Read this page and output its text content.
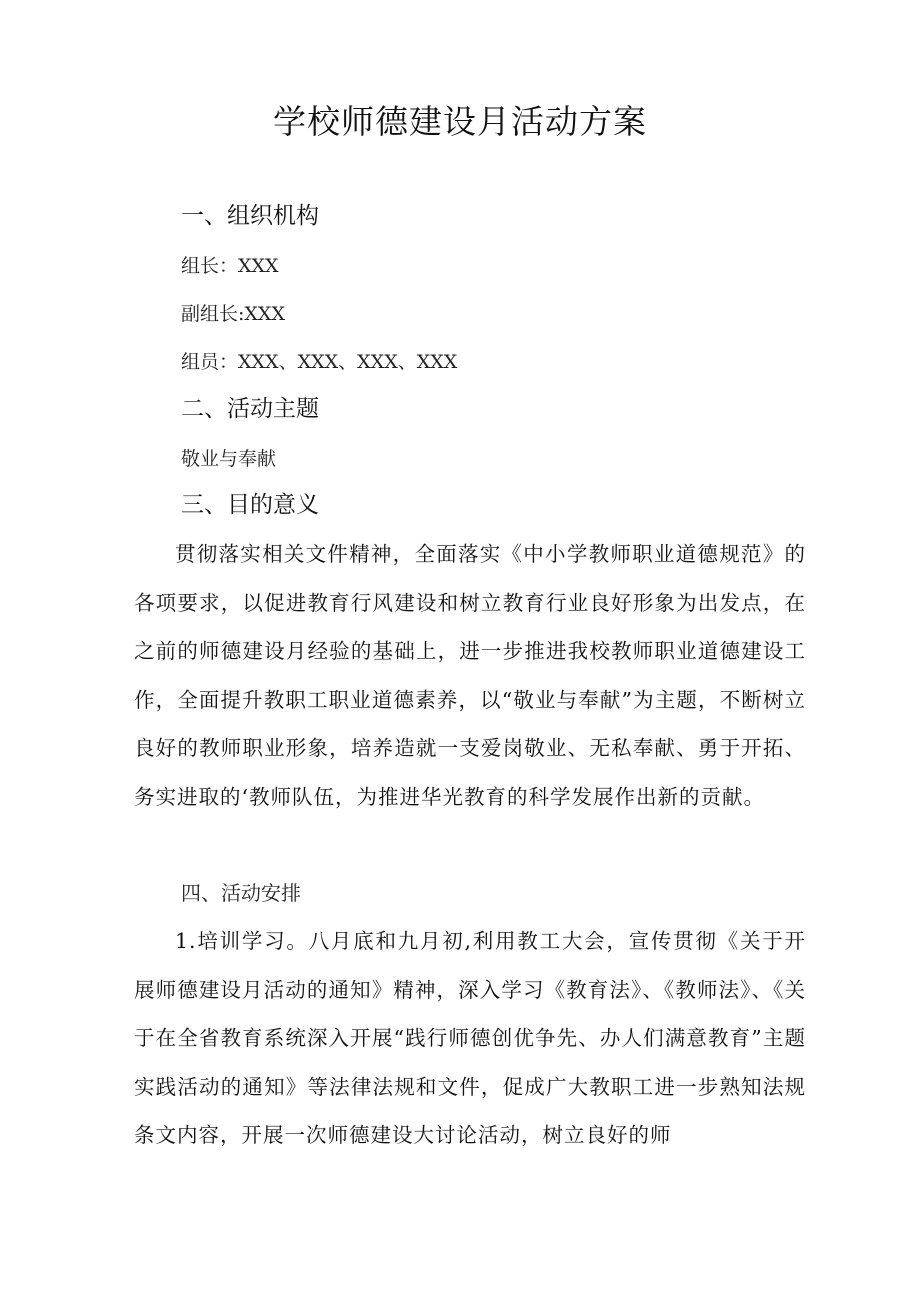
学校师德建设月活动方案
一、组织机构
组长：XXX
副组长:XXX
组员：XXX、XXX、XXX、XXX
二、活动主题
敬业与奉献
三、目的意义
贯彻落实相关文件精神，全面落实《中小学教师职业道德规范》的各项要求，以促进教育行风建设和树立教育行业良好形象为出发点，在之前的师德建设月经验的基础上，进一步推进我校教师职业道德建设工作，全面提升教职工职业道德素养，以“敬业与奉献”为主题，不断树立良好的教师职业形象，培养造就一支爱岗敬业、无私奉献、勇于开拓、务实进取的‘教师队伍，为推进华光教育的科学发展作出新的贡献。
四、活动安排
1.培训学习。八月底和九月初,利用教工大会，宣传贯彻《关于开展师德建设月活动的通知》精神，深入学习《教育法》、《教师法》、《关于在全省教育系统深入开展“践行师德创优争先、办人们满意教育”主题实践活动的通知》等法律法规和文件，促成广大教职工进一步熟知法规条文内容，开展一次师德建设大讨论活动，树立良好的师
